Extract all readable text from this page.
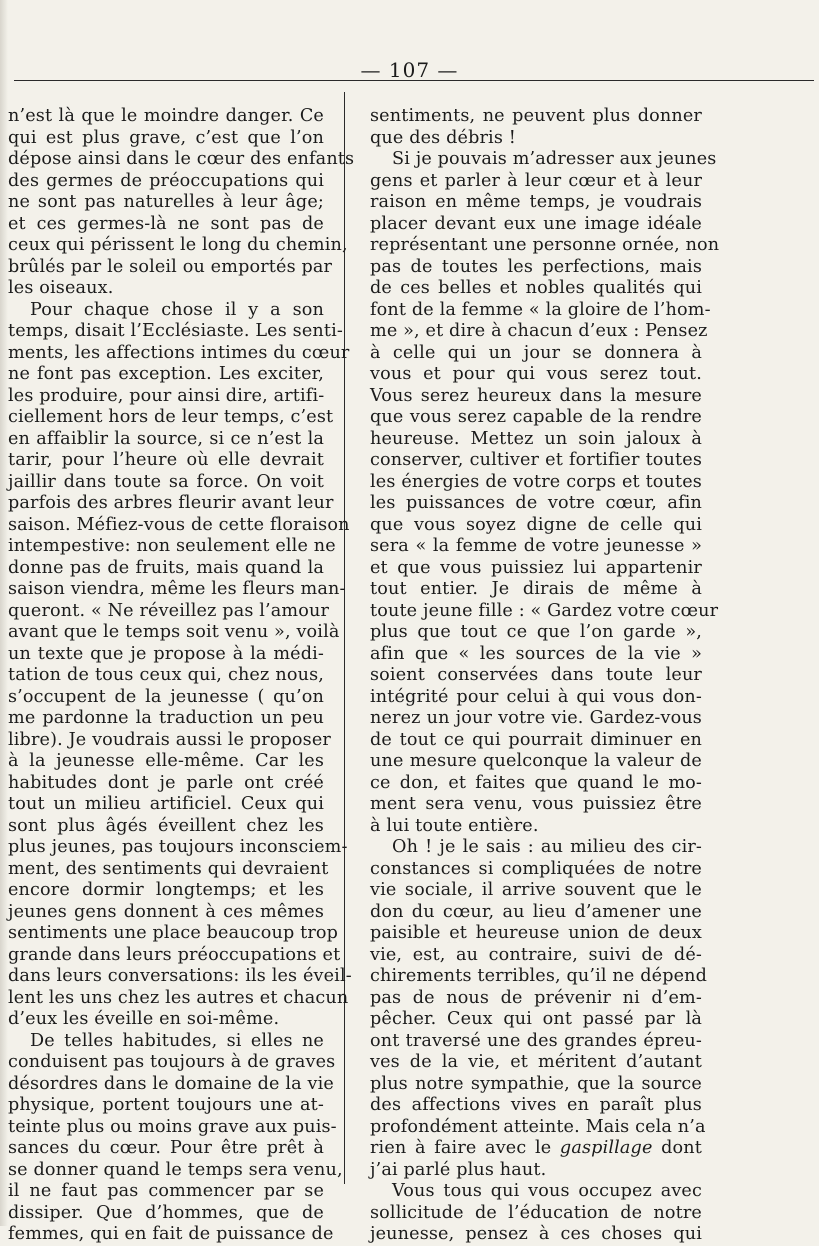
— 107 —
n’est là que le moindre danger. Ce
qui est plus grave, c’est que l’on
dépose ainsi dans le cœur des enfants
des germes de préoccupations qui
ne sont pas naturelles à leur âge;
et ces germes-là ne sont pas de
ceux qui périssent le long du chemin,
brûlés par le soleil ou emportés par
les oiseaux.
Pour chaque chose il y a son
temps, disait l’Ecclésiaste. Les senti-
ments, les affections intimes du cœur
ne font pas exception. Les exciter,
les produire, pour ainsi dire, artifi-
ciellement hors de leur temps, c’est
en affaiblir la source, si ce n’est la
tarir, pour l’heure où elle devrait
jaillir dans toute sa force. On voit
parfois des arbres fleurir avant leur
saison. Méfiez-vous de cette floraison
intempestive: non seulement elle ne
donne pas de fruits, mais quand la
saison viendra, même les fleurs man-
queront. « Ne réveillez pas l’amour
avant que le temps soit venu », voilà
un texte que je propose à la médi-
tation de tous ceux qui, chez nous,
s’occupent de la jeunesse ( qu’on
me pardonne la traduction un peu
libre). Je voudrais aussi le proposer
à la jeunesse elle-même. Car les
habitudes dont je parle ont créé
tout un milieu artificiel. Ceux qui
sont plus âgés éveillent chez les
plus jeunes, pas toujours inconsciem-
ment, des sentiments qui devraient
encore dormir longtemps; et les
jeunes gens donnent à ces mêmes
sentiments une place beaucoup trop
grande dans leurs préoccupations et
dans leurs conversations: ils les éveil-
lent les uns chez les autres et chacun
d’eux les éveille en soi-même.
De telles habitudes, si elles ne
conduisent pas toujours à de graves
désordres dans le domaine de la vie
physique, portent toujours une at-
teinte plus ou moins grave aux puis-
sances du cœur. Pour être prêt à
se donner quand le temps sera venu,
il ne faut pas commencer par se
dissiper. Que d’hommes, que de
femmes, qui en fait de puissance de
sentiments, ne peuvent plus donner
que des débris !
Si je pouvais m’adresser aux jeunes
gens et parler à leur cœur et à leur
raison en même temps, je voudrais
placer devant eux une image idéale
représentant une personne ornée, non
pas de toutes les perfections, mais
de ces belles et nobles qualités qui
font de la femme « la gloire de l’hom-
me », et dire à chacun d’eux : Pensez
à celle qui un jour se donnera à
vous et pour qui vous serez tout.
Vous serez heureux dans la mesure
que vous serez capable de la rendre
heureuse. Mettez un soin jaloux à
conserver, cultiver et fortifier toutes
les énergies de votre corps et toutes
les puissances de votre cœur, afin
que vous soyez digne de celle qui
sera « la femme de votre jeunesse »
et que vous puissiez lui appartenir
tout entier. Je dirais de même à
toute jeune fille : « Gardez votre cœur
plus que tout ce que l’on garde »,
afin que « les sources de la vie »
soient conservées dans toute leur
intégrité pour celui à qui vous don-
nerez un jour votre vie. Gardez-vous
de tout ce qui pourrait diminuer en
une mesure quelconque la valeur de
ce don, et faites que quand le mo-
ment sera venu, vous puissiez être
à lui toute entière.
Oh ! je le sais : au milieu des cir-
constances si compliquées de notre
vie sociale, il arrive souvent que le
don du cœur, au lieu d’amener une
paisible et heureuse union de deux
vie, est, au contraire, suivi de dé-
chirements terribles, qu’il ne dépend
pas de nous de prévenir ni d’em-
pêcher. Ceux qui ont passé par là
ont traversé une des grandes épreu-
ves de la vie, et méritent d’autant
plus notre sympathie, que la source
des affections vives en paraît plus
profondément atteinte. Mais cela n’a
rien à faire avec le gaspillage dont
j’ai parlé plus haut.
Vous tous qui vous occupez avec
sollicitude de l’éducation de notre
jeunesse, pensez à ces choses qui
